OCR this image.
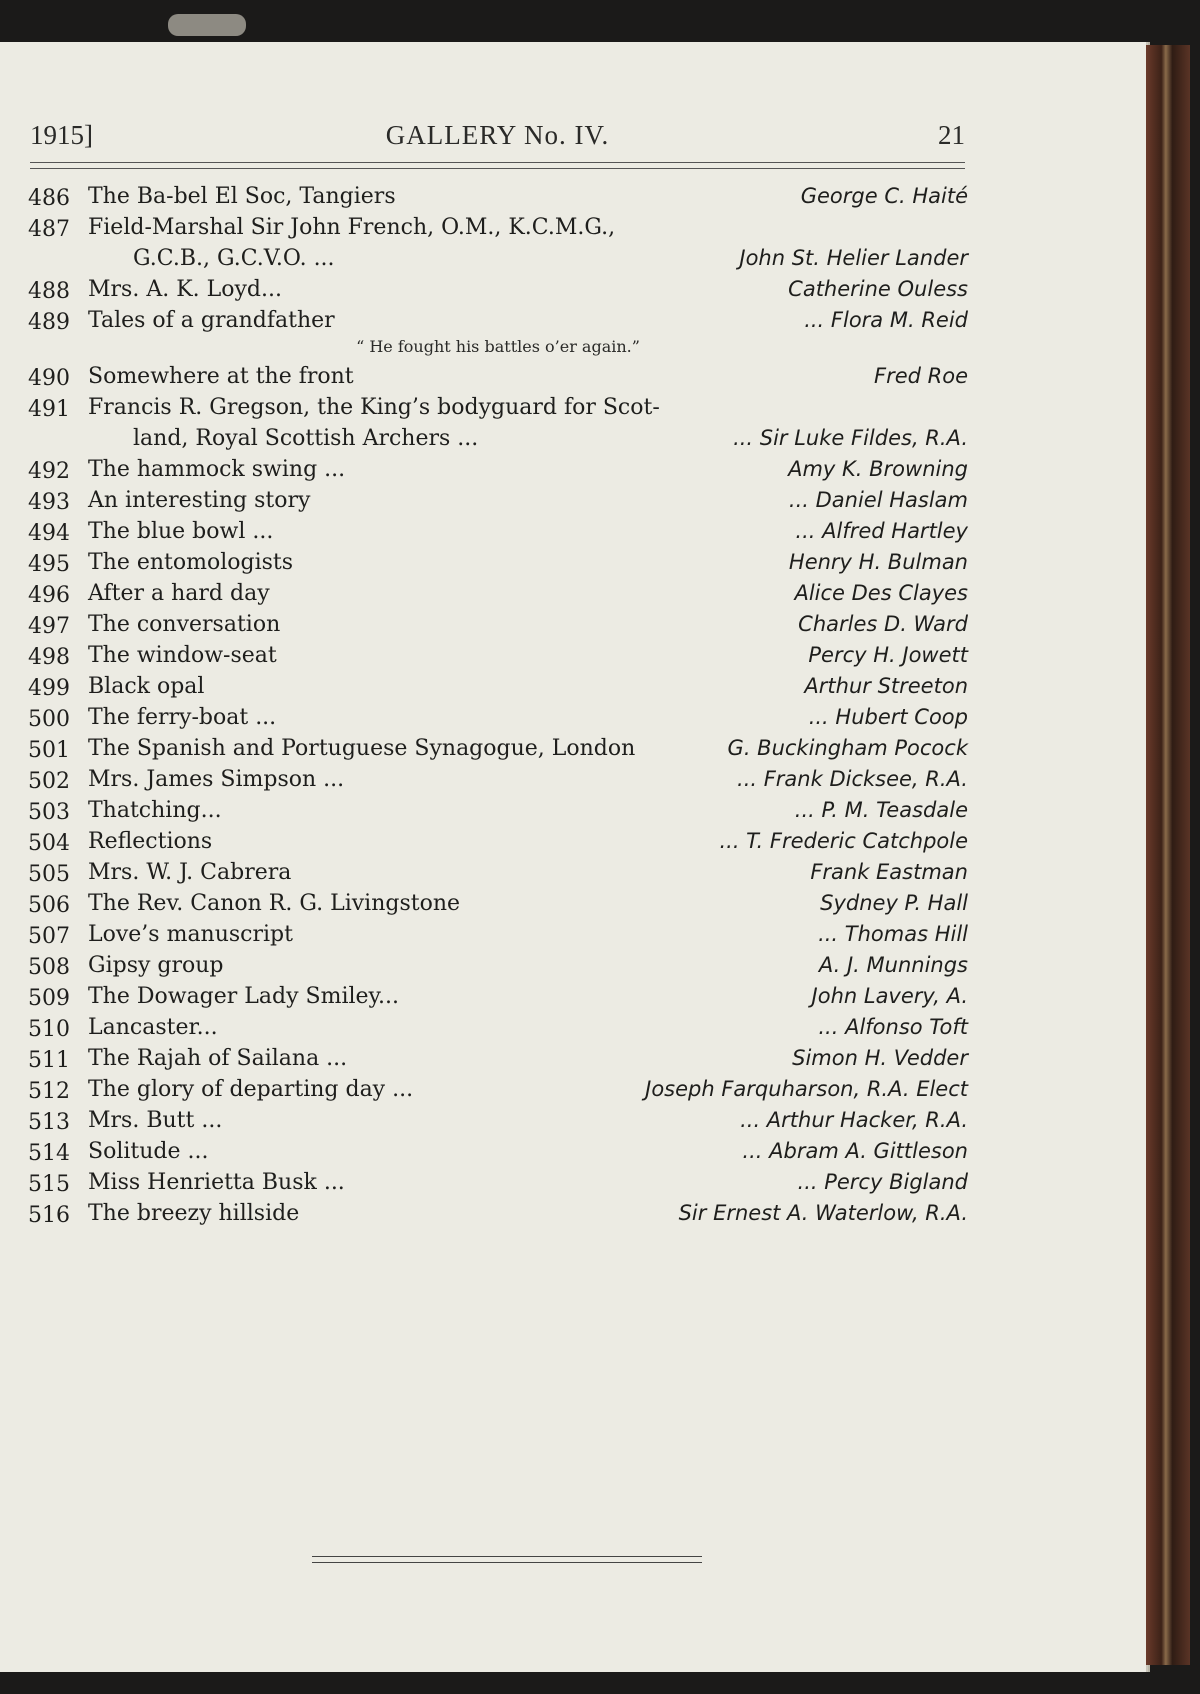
1915]	GALLERY No. IV.	21
486 The Ba-bel El Soc, Tangiers	George C. Haité
487 Field-Marshal Sir John French, O.M., K.C.M.G.,
G.C.B., G.C.V.O. ...	John St. Helier Lander
488 Mrs. A. K. Loyd...	Catherine Ouless
489 Tales of a grandfather	... Flora M. Reid
“ He fought his battles o’er again.”
490 Somewhere at the front	Fred Roe
491 Francis R. Gregson, the King’s bodyguard for Scot-
land, Royal Scottish Archers ...	... Sir Luke Fildes, R.A.
492 The hammock swing ...	Amy K. Browning
493 An interesting story	... Daniel Haslam
494 The blue bowl ...	... Alfred Hartley
495 The entomologists	Henry H. Bulman
496 After a hard day	Alice Des Clayes
497 The conversation	Charles D. Ward
498 The window-seat	Percy H. Jowett
499 Black opal	Arthur Streeton
500 The ferry-boat ...	... Hubert Coop
501 The Spanish and Portuguese Synagogue, London	G. Buckingham Pocock
502 Mrs. James Simpson ...	... Frank Dicksee, R.A.
503 Thatching...	... P. M. Teasdale
504 Reflections	... T. Frederic Catchpole
505 Mrs. W. J. Cabrera	Frank Eastman
506 The Rev. Canon R. G. Livingstone	Sydney P. Hall
507 Love’s manuscript	... Thomas Hill
508 Gipsy group	A. J. Munnings
509 The Dowager Lady Smiley...	John Lavery, A.
510 Lancaster...	... Alfonso Toft
511 The Rajah of Sailana ...	Simon H. Vedder
512 The glory of departing day ...	Joseph Farquharson, R.A. Elect
513 Mrs. Butt ...	... Arthur Hacker, R.A.
514 Solitude ...	... Abram A. Gittleson
515 Miss Henrietta Busk ...	... Percy Bigland
516 The breezy hillside	Sir Ernest A. Waterlow, R.A.
